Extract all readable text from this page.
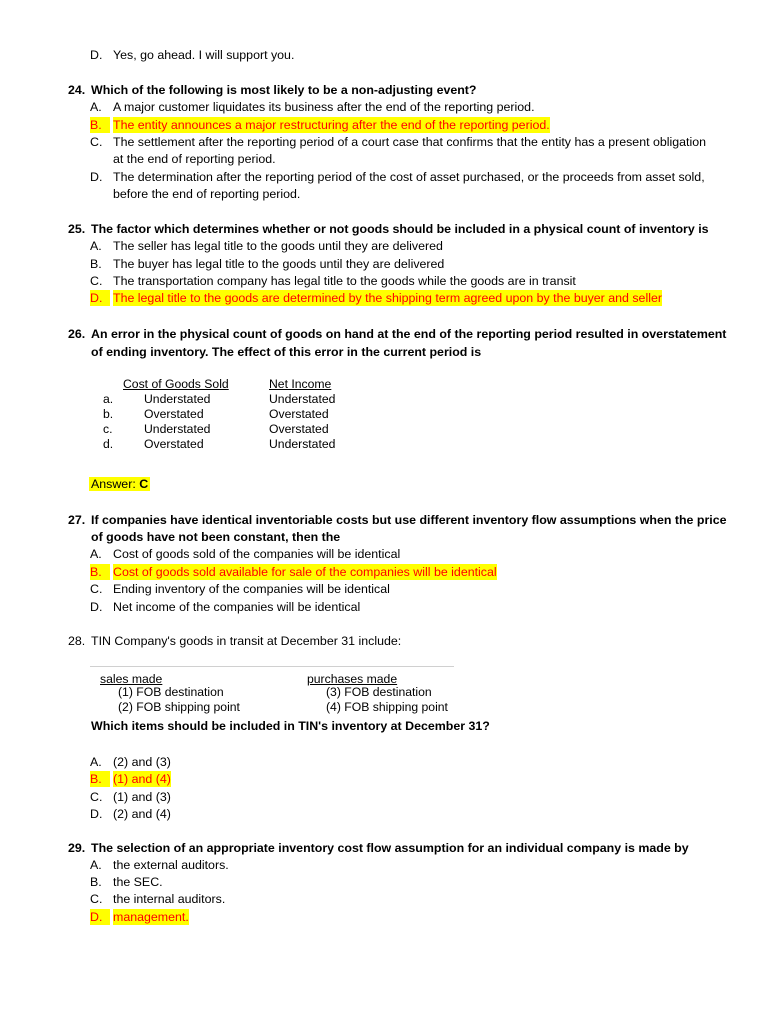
D. Yes, go ahead. I will support you.
24. Which of the following is most likely to be a non-adjusting event?
A. A major customer liquidates its business after the end of the reporting period.
B. The entity announces a major restructuring after the end of the reporting period.
C. The settlement after the reporting period of a court case that confirms that the entity has a present obligation
at the end of reporting period.
D. The determination after the reporting period of the cost of asset purchased, or the proceeds from asset sold,
before the end of reporting period.
25. The factor which determines whether or not goods should be included in a physical count of inventory is
A. The seller has legal title to the goods until they are delivered
B. The buyer has legal title to the goods until they are delivered
C. The transportation company has legal title to the goods while the goods are in transit
D. The legal title to the goods are determined by the shipping term agreed upon by the buyer and seller
26. An error in the physical count of goods on hand at the end of the reporting period resulted in overstatement
of ending inventory. The effect of this error in the current period is
Cost of Goods Sold	Net Income
a.	Understated	Understated
b.	Overstated	Overstated
c.	Understated	Overstated
d.	Overstated	Understated
Answer: C
27. If companies have identical inventoriable costs but use different inventory flow assumptions when the price
of goods have not been constant, then the
A. Cost of goods sold of the companies will be identical
B. Cost of goods sold available for sale of the companies will be identical
C. Ending inventory of the companies will be identical
D. Net income of the companies will be identical
28. TIN Company's goods in transit at December 31 include:
sales made	purchases made
(1) FOB destination	(3) FOB destination
(2) FOB shipping point	(4) FOB shipping point
Which items should be included in TIN's inventory at December 31?
A. (2) and (3)
B. (1) and (4)
C. (1) and (3)
D. (2) and (4)
29. The selection of an appropriate inventory cost flow assumption for an individual company is made by
A. the external auditors.
B. the SEC.
C. the internal auditors.
D. management.
